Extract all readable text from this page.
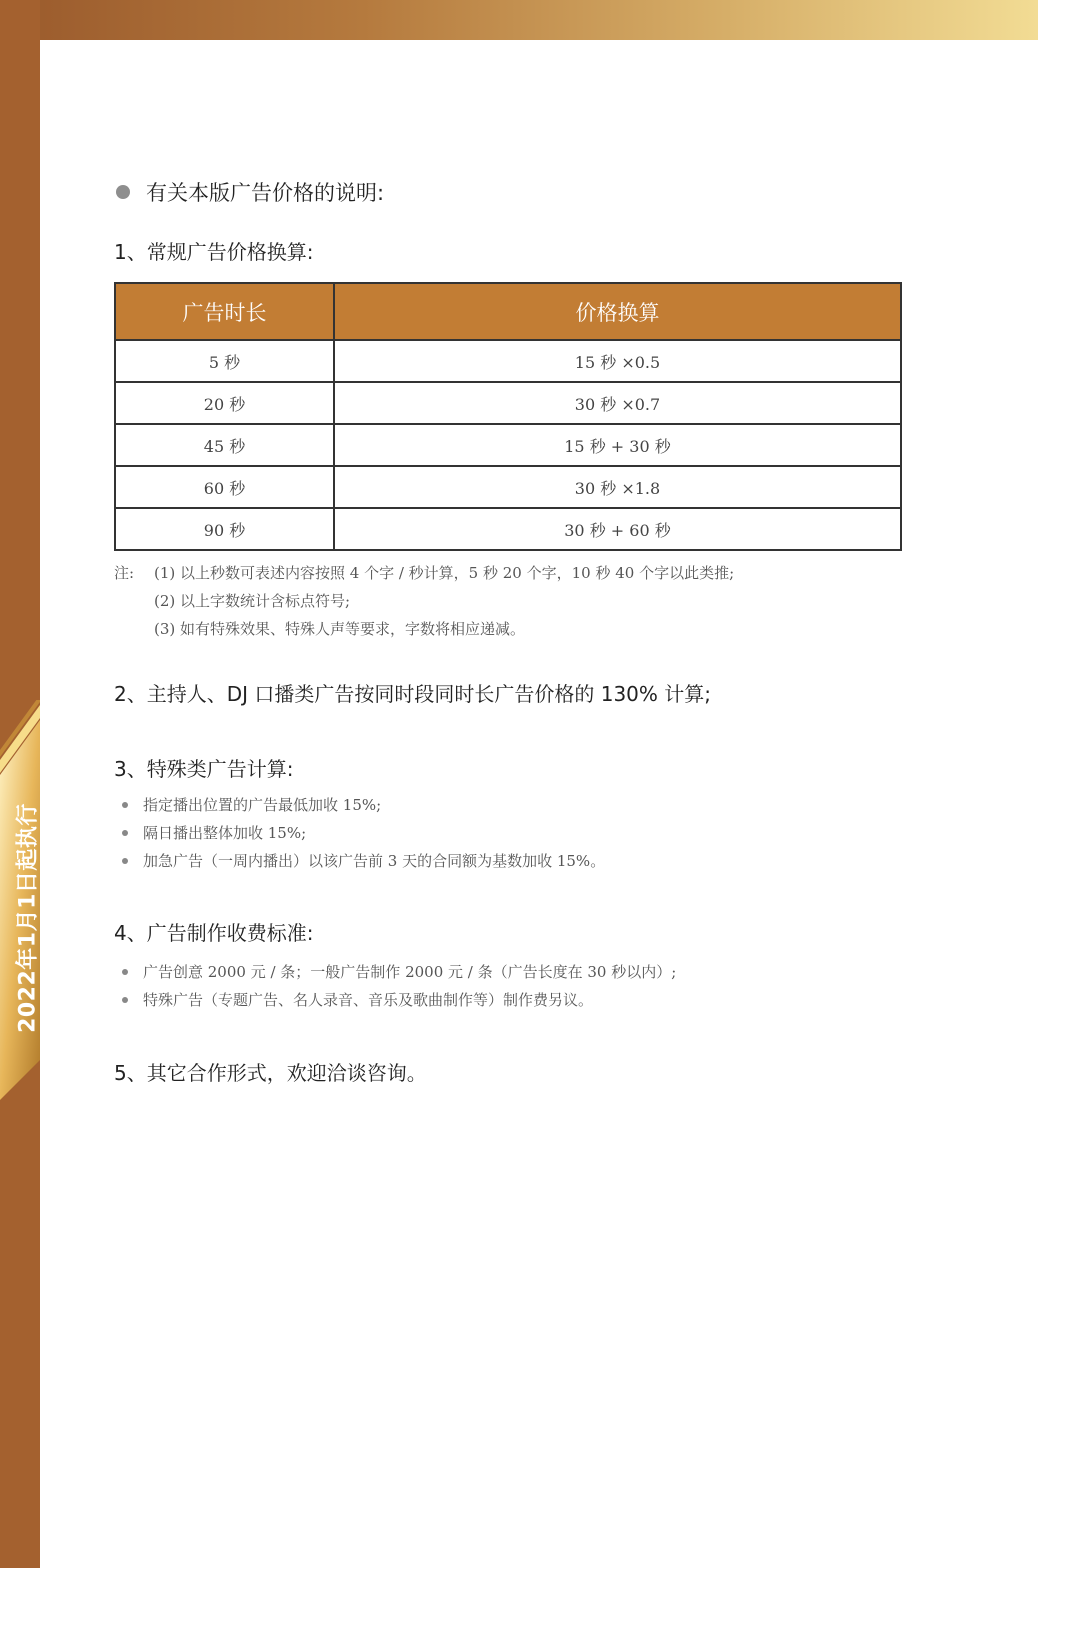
2022年1月1日起执行
有关本版广告价格的说明:
1、常规广告价格换算:
广告时长	价格换算
5 秒	15 秒 ×0.5
20 秒	30 秒 ×0.7
45 秒	15 秒 + 30 秒
60 秒	30 秒 ×1.8
90 秒	30 秒 + 60 秒
注:	(1) 以上秒数可表述内容按照 4 个字 / 秒计算，5 秒 20 个字，10 秒 40 个字以此类推;
(2) 以上字数统计含标点符号;
(3) 如有特殊效果、特殊人声等要求，字数将相应递减。
2、主持人、DJ 口播类广告按同时段同时长广告价格的 130% 计算;
3、特殊类广告计算:
指定播出位置的广告最低加收 15%;
隔日播出整体加收 15%;
加急广告（一周内播出）以该广告前 3 天的合同额为基数加收 15%。
4、广告制作收费标准:
广告创意 2000 元 / 条；一般广告制作 2000 元 / 条（广告长度在 30 秒以内）;
特殊广告（专题广告、名人录音、音乐及歌曲制作等）制作费另议。
5、其它合作形式，欢迎洽谈咨询。
